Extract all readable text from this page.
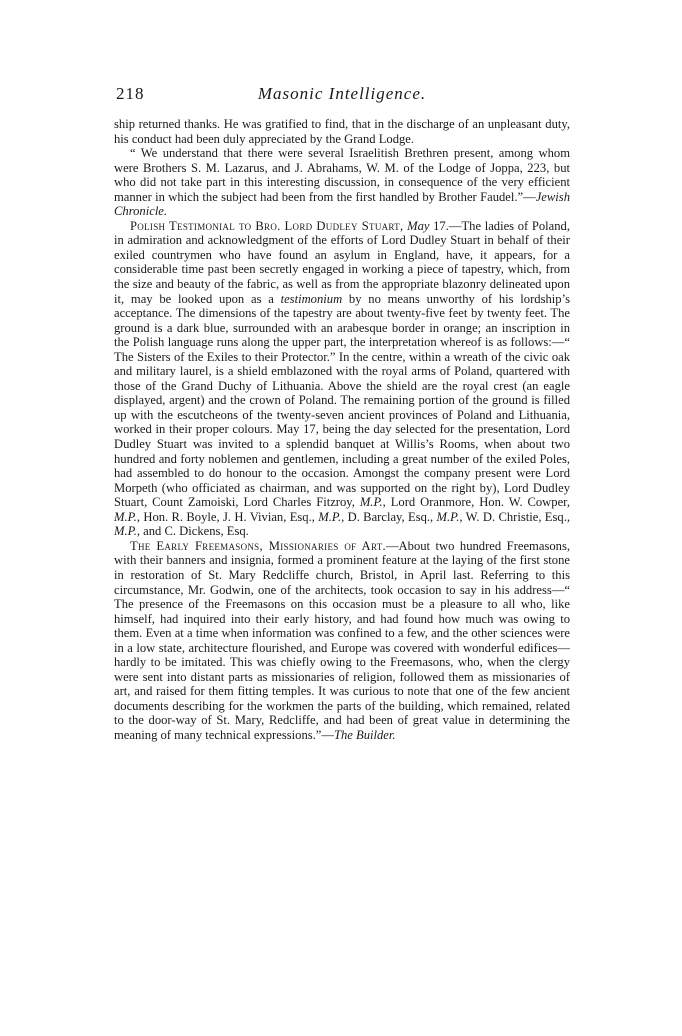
218	Masonic Intelligence.

ship returned thanks. He was gratified to find, that in the discharge of an unpleasant duty, his conduct had been duly appreciated by the Grand Lodge.

“ We understand that there were several Israelitish Brethren present, among whom were Brothers S. M. Lazarus, and J. Abrahams, W. M. of the Lodge of Joppa, 223, but who did not take part in this interesting discussion, in consequence of the very efficient manner in which the subject had been from the first handled by Brother Faudel.”—Jewish Chronicle.

Polish Testimonial to Bro. Lord Dudley Stuart, May 17.—The ladies of Poland, in admiration and acknowledgment of the efforts of Lord Dudley Stuart in behalf of their exiled countrymen who have found an asylum in England, have, it appears, for a considerable time past been secretly engaged in working a piece of tapestry, which, from the size and beauty of the fabric, as well as from the appropriate blazonry delineated upon it, may be looked upon as a testimonium by no means unworthy of his lordship’s acceptance. The dimensions of the tapestry are about twenty-five feet by twenty feet. The ground is a dark blue, surrounded with an arabesque border in orange; an inscription in the Polish language runs along the upper part, the interpretation whereof is as follows:—“ The Sisters of the Exiles to their Protector.” In the centre, within a wreath of the civic oak and military laurel, is a shield emblazoned with the royal arms of Poland, quartered with those of the Grand Duchy of Lithuania. Above the shield are the royal crest (an eagle displayed, argent) and the crown of Poland. The remaining portion of the ground is filled up with the escutcheons of the twenty-seven ancient provinces of Poland and Lithuania, worked in their proper colours. May 17, being the day selected for the presentation, Lord Dudley Stuart was invited to a splendid banquet at Willis’s Rooms, when about two hundred and forty noblemen and gentlemen, including a great number of the exiled Poles, had assembled to do honour to the occasion. Amongst the company present were Lord Morpeth (who officiated as chairman, and was supported on the right by), Lord Dudley Stuart, Count Zamoiski, Lord Charles Fitzroy, M.P., Lord Oranmore, Hon. W. Cowper, M.P., Hon. R. Boyle, J. H. Vivian, Esq., M.P., D. Barclay, Esq., M.P., W. D. Christie, Esq., M.P., and C. Dickens, Esq.

The Early Freemasons, Missionaries of Art.—About two hundred Freemasons, with their banners and insignia, formed a prominent feature at the laying of the first stone in restoration of St. Mary Redcliffe church, Bristol, in April last. Referring to this circumstance, Mr. Godwin, one of the architects, took occasion to say in his address—“ The presence of the Freemasons on this occasion must be a pleasure to all who, like himself, had inquired into their early history, and had found how much was owing to them. Even at a time when information was confined to a few, and the other sciences were in a low state, architecture flourished, and Europe was covered with wonderful edifices—hardly to be imitated. This was chiefly owing to the Freemasons, who, when the clergy were sent into distant parts as missionaries of religion, followed them as missionaries of art, and raised for them fitting temples. It was curious to note that one of the few ancient documents describing for the workmen the parts of the building, which remained, related to the door-way of St. Mary, Redcliffe, and had been of great value in determining the meaning of many technical expressions.”—The Builder.
